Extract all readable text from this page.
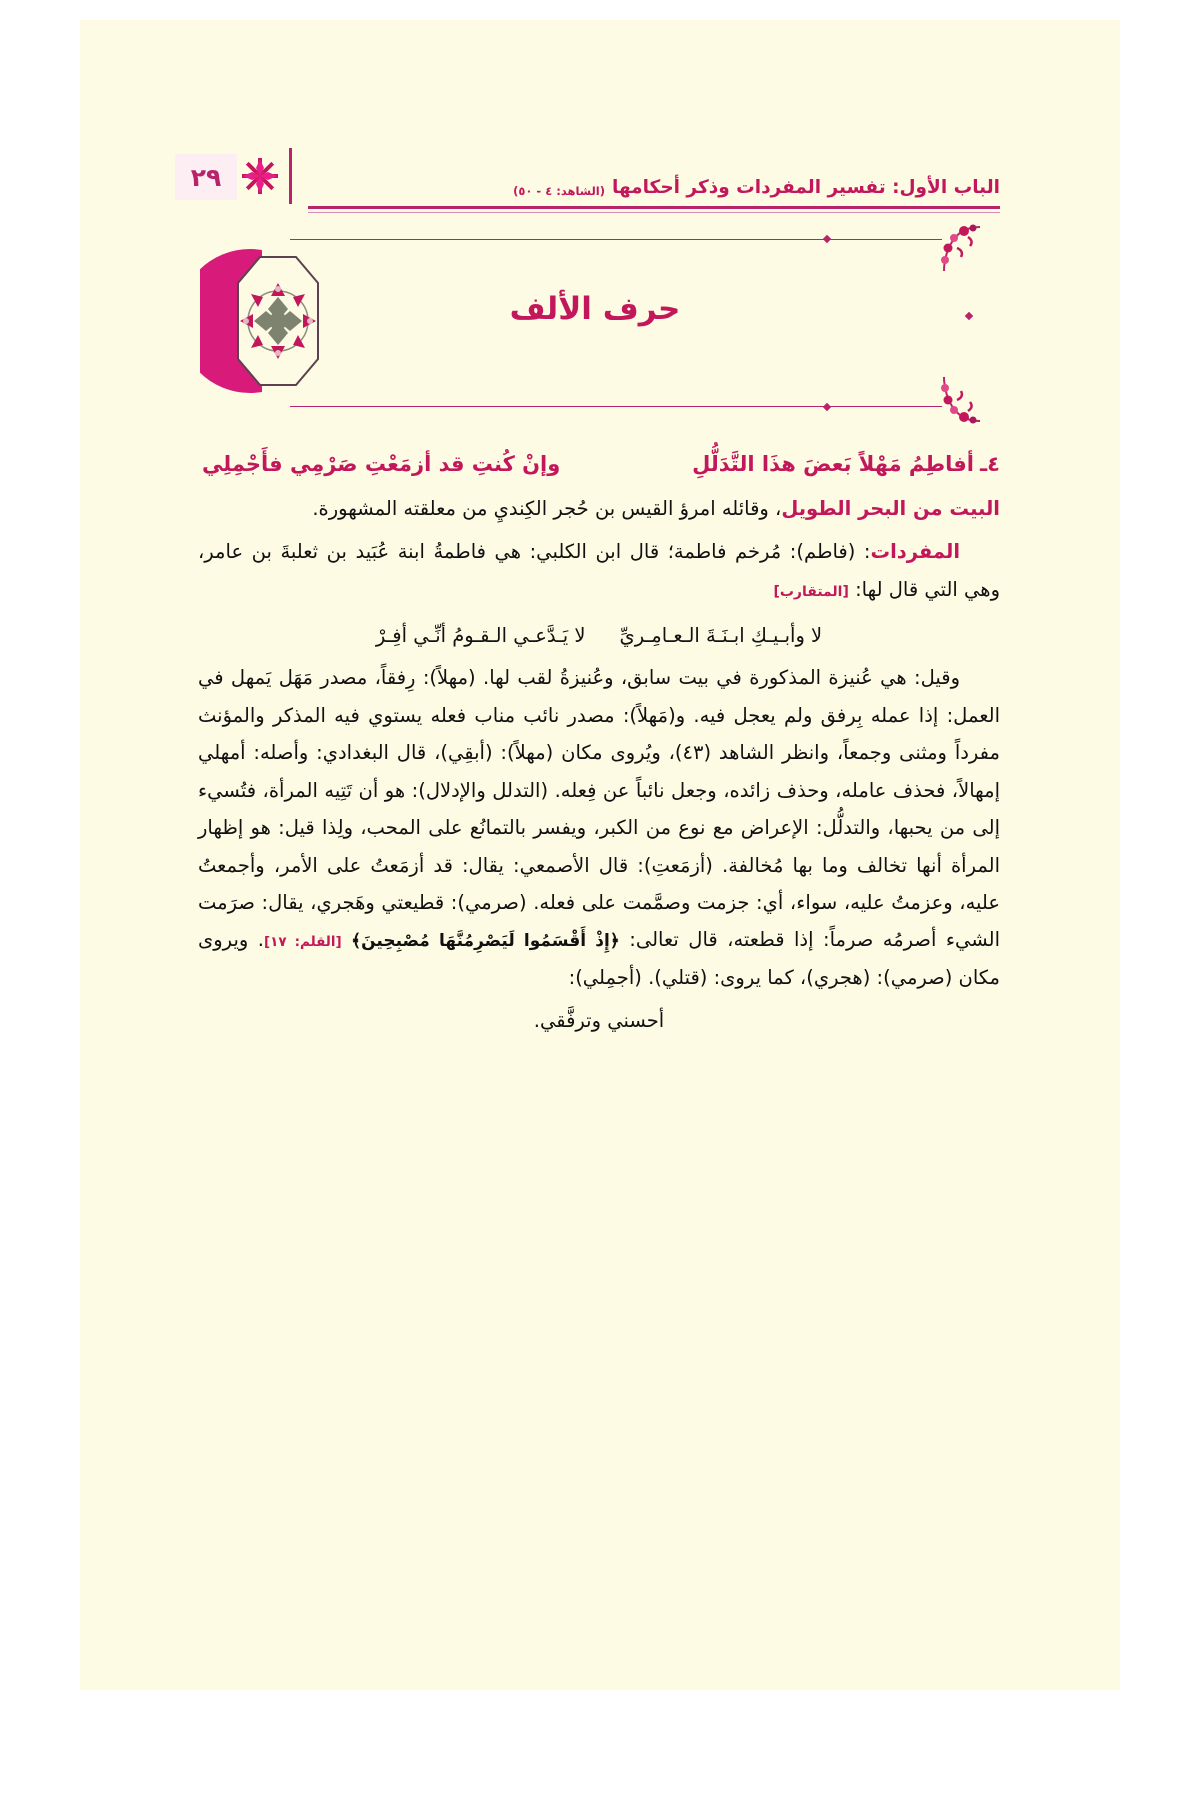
الباب الأول: تفسير المفردات وذكر أحكامها
(الشاهد: ٤ - ٥٠)
٢٩
حرف الألف
٤ـ
أفاطِمُ مَهْلاً بَعضَ هذَا التَّدَلُّلِ
وإنْ كُنتِ قد أزمَعْتِ صَرْمِي فأَجْمِلِي

البيت من البحر الطويل، وقائله امرؤ القيس بن حُجر الكِنديِ من معلقته المشهورة.

المفردات: (فاطم): مُرخم فاطمة؛ قال ابن الكلبي: هي فاطمةُ ابنة عُبَيد بن ثعلبةَ بن عامر، وهي التي قال لها: [المتقارب]

لا وأبـيـكِ ابـنَـةَ الـعـامِـريِّ
لا يَـدَّعـي الـقـومُ أنِّـي أفِـرْ

وقيل: هي عُنيزة المذكورة في بيت سابق، وعُنيزةُ لقب لها. (مهلاً): رِفقاً، مصدر مَهَل يَمهل في العمل: إذا عمله بِرفق ولم يعجل فيه. و(مَهلاً): مصدر نائب مناب فعله يستوي فيه المذكر والمؤنث مفرداً ومثنى وجمعاً، وانظر الشاهد (٤٣)، ويُروى مكان (مهلاً): (أبقِي)، قال البغدادي: وأصله: أمهلي إمهالاً، فحذف عامله، وحذف زائده، وجعل نائباً عن فِعله. (التدلل والإدلال): هو أن تَتِيه المرأة، فتُسيء إلى من يحبها، والتدلُّل: الإعراض مع نوع من الكبر، ويفسر بالتمانُع على المحب، ولِذا قيل: هو إظهار المرأة أنها تخالف وما بها مُخالفة. (أزمَعتِ): قال الأصمعي: يقال: قد أزمَعتُ على الأمر، وأجمعتُ عليه، وعزمتُ عليه، سواء، أي: جزمت وصمَّمت على فعله. (صرمي): قطيعتي وهَجري، يقال: صرَمت الشيء أصرمُه صرماً: إذا قطعته، قال تعالى: ﴿إِذْ أَقْسَمُوا لَيَصْرِمُنَّهَا مُصْبِحِينَ﴾ [القلم: ١٧]. ويروى مكان (صرمي): (هجري)، كما يروى: (قتلي). (أجمِلي):

أحسني وترفَّقي.
